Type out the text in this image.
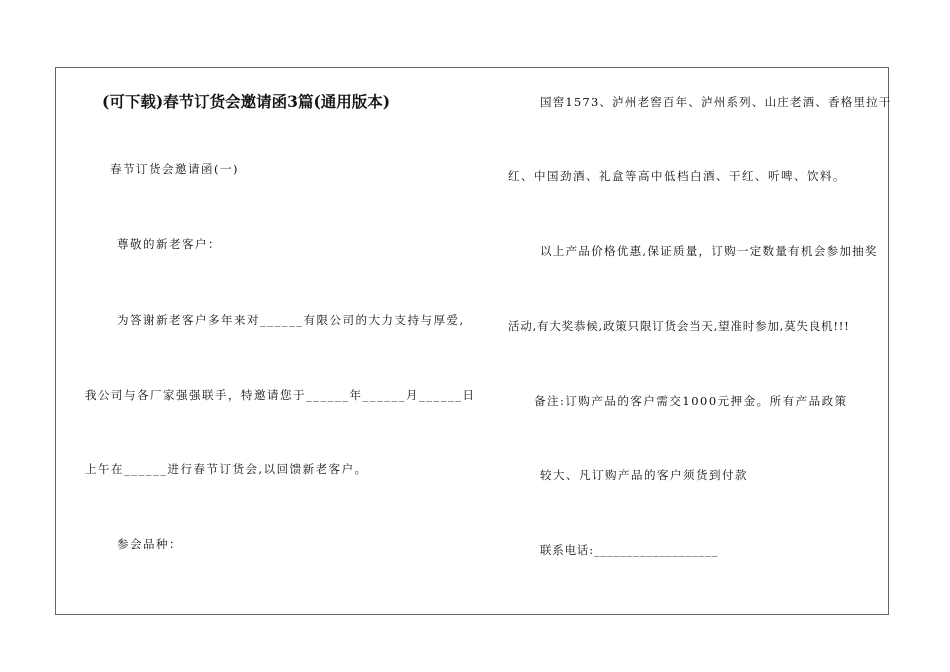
(可下载)春节订货会邀请函3篇(通用版本)
春节订货会邀请函(一)
尊敬的新老客户：
为答谢新老客户多年来对______有限公司的大力支持与厚爱,
我公司与各厂家强强联手，特邀请您于______年______月______日
上午在______进行春节订货会,以回馈新老客户。
参会品种：
国窖1573、泸州老窖百年、泸州系列、山庄老酒、香格里拉干
红、中国劲酒、礼盒等高中低档白酒、干红、听啤、饮料。
以上产品价格优惠,保证质量，订购一定数量有机会参加抽奖
活动,有大奖恭候,政策只限订货会当天,望准时参加,莫失良机!!!
备注:订购产品的客户需交1000元押金。所有产品政策
较大、凡订购产品的客户须货到付款
联系电话:___________________
